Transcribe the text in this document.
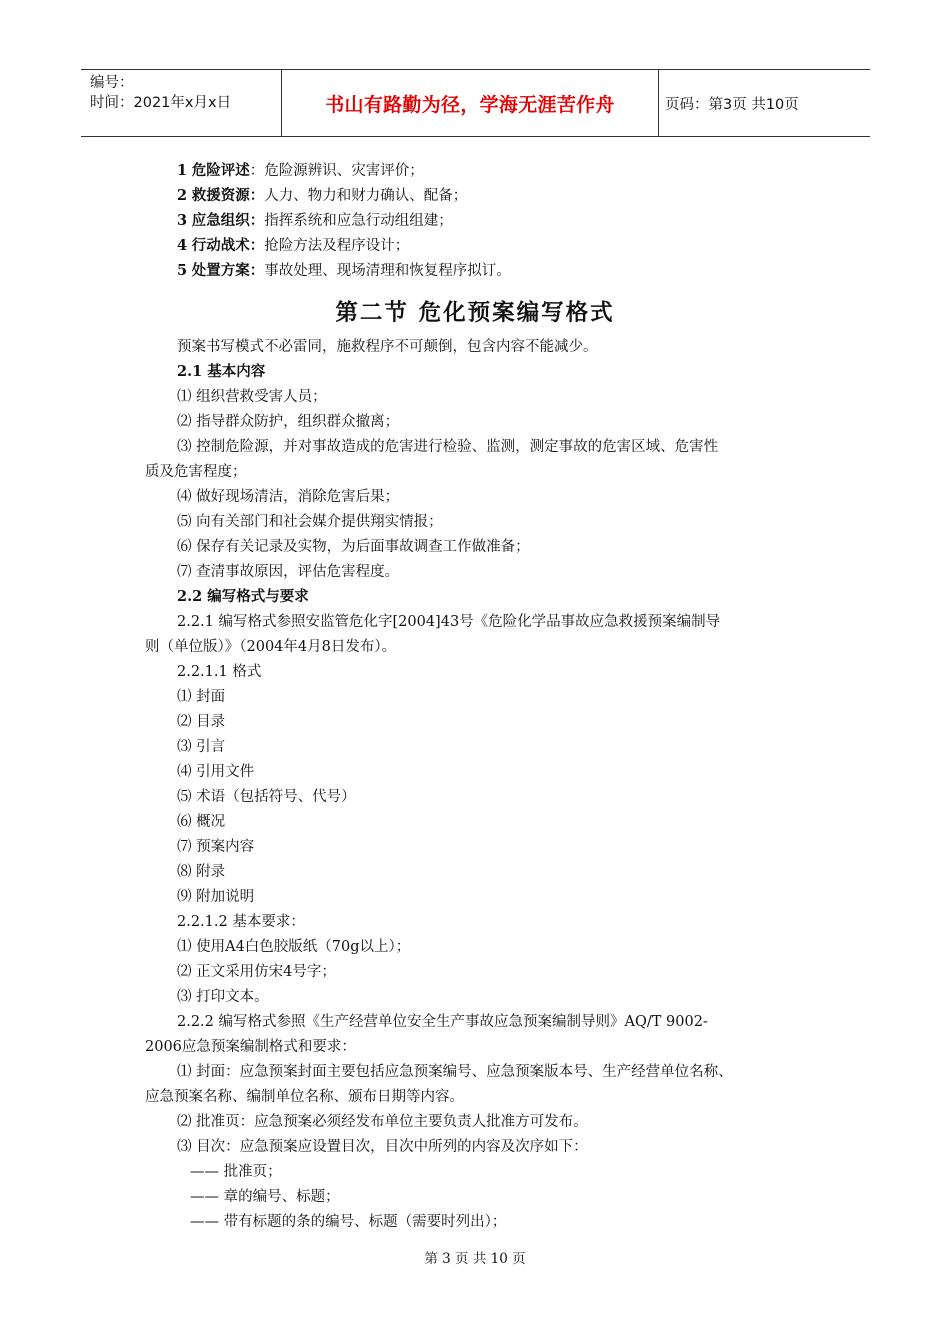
编号：
时间：2021年x月x日	书山有路勤为径，学海无涯苦作舟	页码：第3页 共10页
1 危险评述：危险源辨识、灾害评价；
2 救援资源：人力、物力和财力确认、配备；
3 应急组织：指挥系统和应急行动组组建；
4 行动战术：抢险方法及程序设计；
5 处置方案：事故处理、现场清理和恢复程序拟订。
第二节 危化预案编写格式
预案书写模式不必雷同，施救程序不可颠倒，包含内容不能减少。
2.1 基本内容
⑴ 组织营救受害人员；
⑵ 指导群众防护，组织群众撤离；
⑶ 控制危险源，并对事故造成的危害进行检验、监测，测定事故的危害区域、危害性
质及危害程度；
⑷ 做好现场清洁，消除危害后果；
⑸ 向有关部门和社会媒介提供翔实情报；
⑹ 保存有关记录及实物，为后面事故调查工作做准备；
⑺ 查清事故原因，评估危害程度。
2.2 编写格式与要求
2.2.1 编写格式参照安监管危化字[2004]43号《危险化学品事故应急救援预案编制导
则（单位版）》（2004年4月8日发布）。
2.2.1.1 格式
⑴ 封面
⑵ 目录
⑶ 引言
⑷ 引用文件
⑸ 术语（包括符号、代号）
⑹ 概况
⑺ 预案内容
⑻ 附录
⑼ 附加说明
2.2.1.2 基本要求：
⑴ 使用A4白色胶版纸（70g以上）；
⑵ 正文采用仿宋4号字；
⑶ 打印文本。
2.2.2 编写格式参照《生产经营单位安全生产事故应急预案编制导则》AQ/T 9002-
2006应急预案编制格式和要求：
⑴ 封面：应急预案封面主要包括应急预案编号、应急预案版本号、生产经营单位名称、
应急预案名称、编制单位名称、颁布日期等内容。
⑵ 批准页：应急预案必须经发布单位主要负责人批准方可发布。
⑶ 目次：应急预案应设置目次，目次中所列的内容及次序如下：
—— 批准页；
—— 章的编号、标题；
—— 带有标题的条的编号、标题（需要时列出）；
第 3 页 共 10 页
